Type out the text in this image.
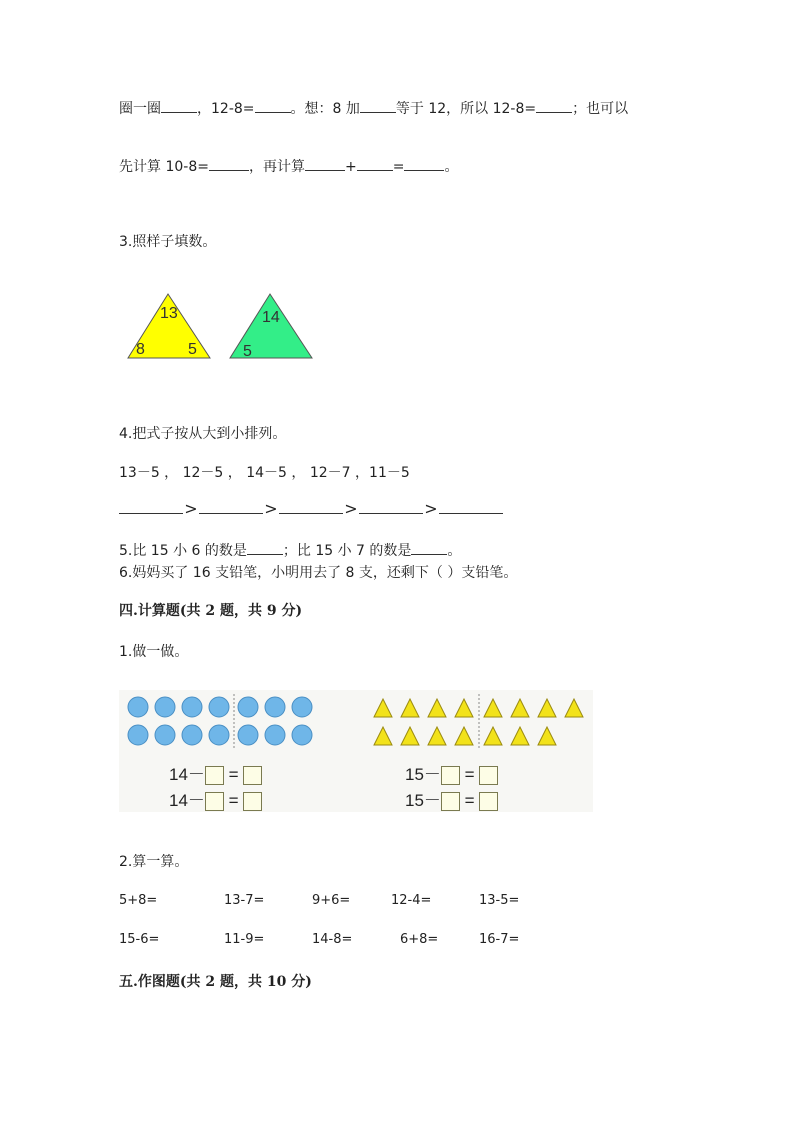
圈一圈	，12-8=	。想：8 加	等于 12，所以 12-8=	；也可以
先计算 10-8=	，再计算	+	=	。
3.照样子填数。
13
8	5
14
5
4.把式子按从大到小排列。
13－5 ， 12－5 ， 14－5 ， 12－7 ，11－5
>	>	>	>
5.比 15 小 6 的数是	；比 15 小 7 的数是	。
6.妈妈买了 16 支铅笔，小明用去了 8 支，还剩下（ ）支铅笔。
四.计算题(共 2 题，共 9 分)
1.做一做。
14－ =
14－ =
15－ =
15－ =
2.算一算。
5+8=	13-7=	9+6=	12-4=	13-5=
15-6=	11-9=	14-8=	6+8=	16-7=
五.作图题(共 2 题，共 10 分)
